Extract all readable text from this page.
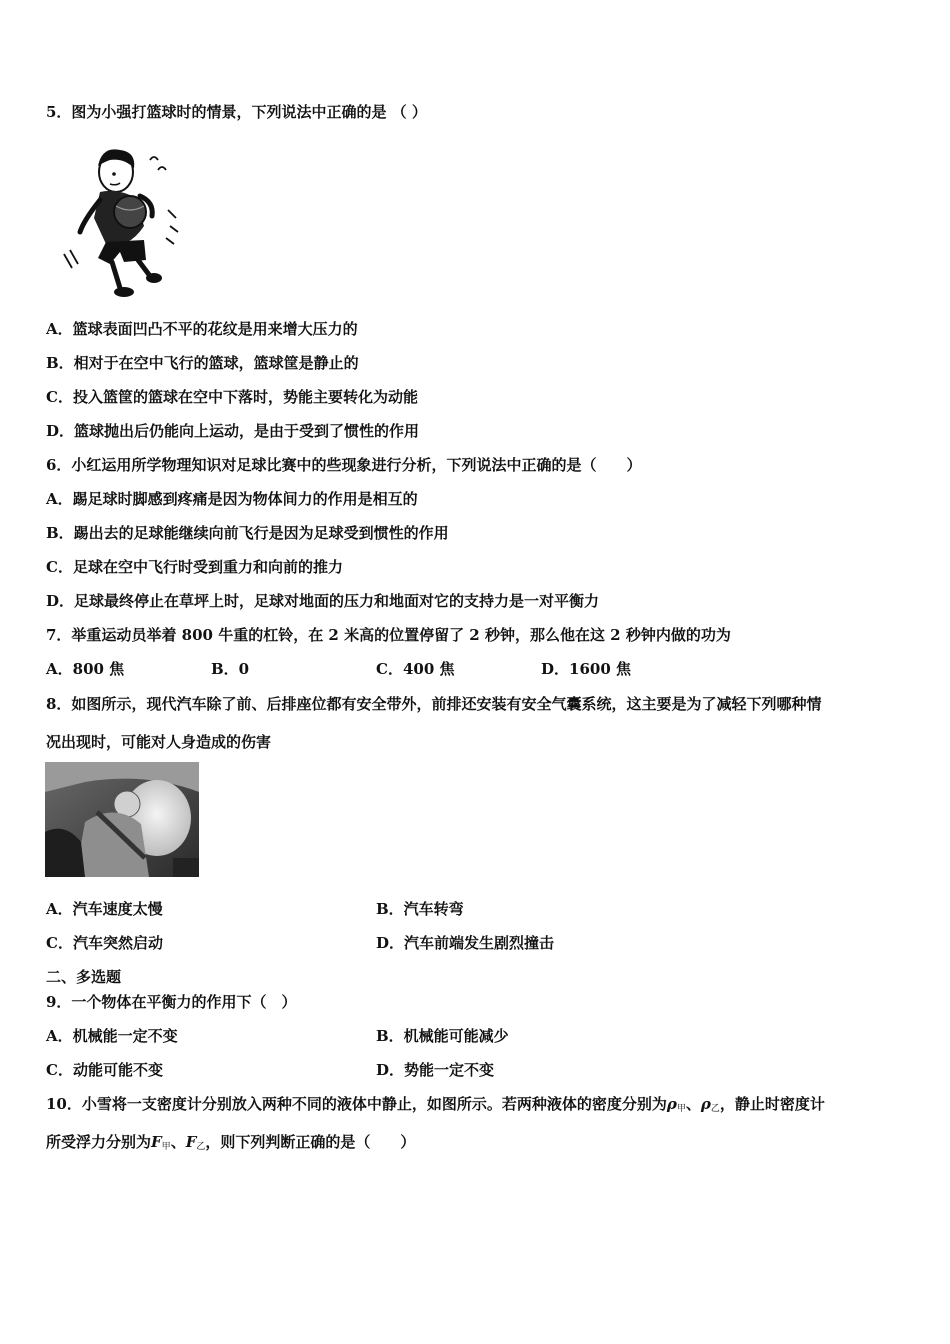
5．图为小强打篮球时的情景，下列说法中正确的是 （ ）
A．篮球表面凹凸不平的花纹是用来增大压力的
B．相对于在空中飞行的篮球，篮球筐是静止的
C．投入篮筐的篮球在空中下落时，势能主要转化为动能
D．篮球抛出后仍能向上运动，是由于受到了惯性的作用
6．小红运用所学物理知识对足球比赛中的些现象进行分析，下列说法中正确的是（　　）
A．踢足球时脚感到疼痛是因为物体间力的作用是相互的
B．踢出去的足球能继续向前飞行是因为足球受到惯性的作用
C．足球在空中飞行时受到重力和向前的推力
D．足球最终停止在草坪上时，足球对地面的压力和地面对它的支持力是一对平衡力
7．举重运动员举着 800 牛重的杠铃，在 2 米高的位置停留了 2 秒钟，那么他在这 2 秒钟内做的功为
A．800 焦	B．0	C．400 焦	D．1600 焦
8．如图所示，现代汽车除了前、后排座位都有安全带外，前排还安装有安全气囊系统，这主要是为了减轻下列哪种情
况出现时，可能对人身造成的伤害
A．汽车速度太慢	B．汽车转弯
C．汽车突然启动	D．汽车前端发生剧烈撞击
二、多选题
9．一个物体在平衡力的作用下（　）
A．机械能一定不变	B．机械能可能减少
C．动能可能不变	D．势能一定不变
10．小雪将一支密度计分别放入两种不同的液体中静止，如图所示。若两种液体的密度分别为$\rho_甲$、$\rho_乙$，静止时密度计
所受浮力分别为$F_甲$、$F_乙$，则下列判断正确的是（　　）
